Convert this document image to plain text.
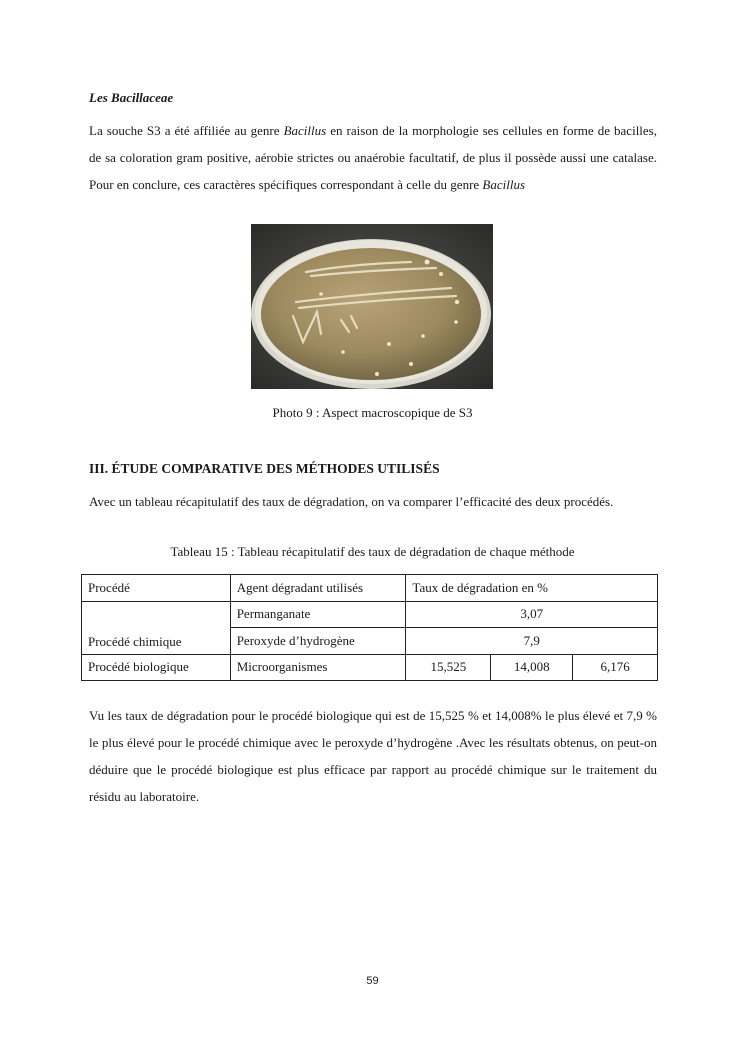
Les Bacillaceae
La souche S3 a été affiliée au genre Bacillus en raison de la morphologie ses cellules en forme de bacilles, de sa coloration gram positive, aérobie strictes ou anaérobie facultatif, de plus il possède aussi une catalase. Pour en conclure, ces caractères spécifiques correspondant à celle du genre Bacillus
Photo 9 : Aspect macroscopique de S3
III. ÉTUDE COMPARATIVE DES MÉTHODES UTILISÉS
Avec un tableau récapitulatif des taux de dégradation, on va comparer l’efficacité des deux procédés.
Tableau 15 : Tableau récapitulatif des taux de dégradation de chaque méthode
Procédé	Agent dégradant utilisés	Taux de dégradation en %		
Procédé chimique	Permanganate	3,07		
	Peroxyde d’hydrogène	7,9		
Procédé biologique	Microorganismes	15,525	14,008	6,176
Vu les taux de dégradation pour le procédé biologique qui est de 15,525 % et 14,008% le plus élevé et 7,9 % le plus élevé pour le procédé chimique avec le peroxyde d’hydrogène .Avec les résultats obtenus, on peut-on déduire que le procédé biologique est plus efficace par rapport au procédé chimique sur le traitement du résidu au laboratoire.
59
